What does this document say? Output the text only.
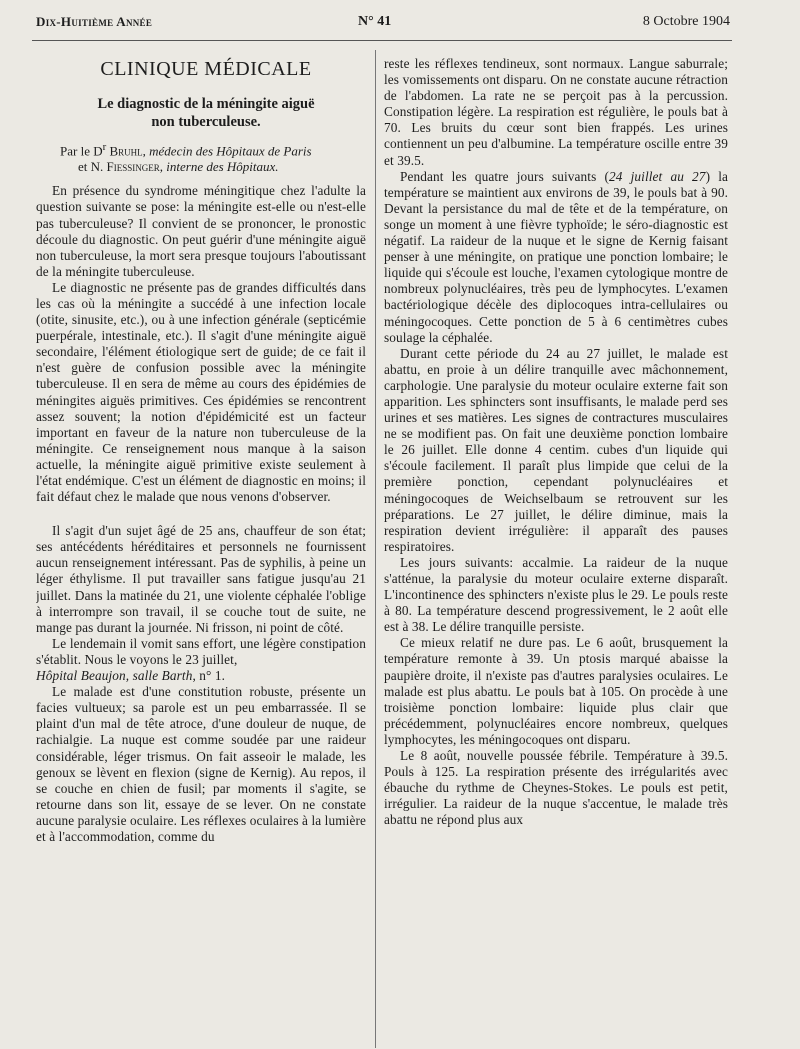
Dix-Huitième Année	N° 41	8 Octobre 1904
CLINIQUE MÉDICALE
Le diagnostic de la méningite aiguë
non tuberculeuse.
Par le $D^r$ Bruhl, médecin des Hôpitaux de Paris
et N. Fiessinger, interne des Hôpitaux.

En présence du syndrome méningitique chez l'adulte la question suivante se pose: la méningite est-elle ou n'est-elle pas tuberculeuse? Il convient de se prononcer, le pronostic découle du diagnostic. On peut guérir d'une méningite aiguë non tuberculeuse, la mort sera presque toujours l'aboutissant de la méningite tuberculeuse.

Le diagnostic ne présente pas de grandes difficultés dans les cas où la méningite a succédé à une infection locale (otite, sinusite, etc.), ou à une infection générale (septicémie puerpérale, intestinale, etc.). Il s'agit d'une méningite aiguë secondaire, l'élément étiologique sert de guide; de ce fait il n'est guère de confusion possible avec la méningite tuberculeuse. Il en sera de même au cours des épidémies de méningites aiguës primitives. Ces épidémies se rencontrent assez souvent; la notion d'épidémicité est un facteur important en faveur de la nature non tuberculeuse de la méningite. Ce renseignement nous manque à la saison actuelle, la méningite aiguë primitive existe seulement à l'état endémique. C'est un élément de diagnostic en moins; il fait défaut chez le malade que nous venons d'observer.

Il s'agit d'un sujet âgé de 25 ans, chauffeur de son état; ses antécédents héréditaires et personnels ne fournissent aucun renseignement intéressant. Pas de syphilis, à peine un léger éthylisme. Il put travailler sans fatigue jusqu'au 21 juillet. Dans la matinée du 21, une violente céphalée l'oblige à interrompre son travail, il se couche tout de suite, ne mange pas durant la journée. Ni frisson, ni point de côté.

Le lendemain il vomit sans effort, une légère constipation s'établit. Nous le voyons le 23 juillet,
Hôpital Beaujon, salle Barth, n° 1.

Le malade est d'une constitution robuste, présente un facies vultueux; sa parole est un peu embarrassée. Il se plaint d'un mal de tête atroce, d'une douleur de nuque, de rachialgie. La nuque est comme soudée par une raideur considérable, léger trismus. On fait asseoir le malade, les genoux se lèvent en flexion (signe de Kernig). Au repos, il se couche en chien de fusil; par moments il s'agite, se retourne dans son lit, essaye de se lever. On ne constate aucune paralysie oculaire. Les réflexes oculaires à la lumière et à l'accommodation, comme du

reste les réflexes tendineux, sont normaux. Langue saburrale; les vomissements ont disparu. On ne constate aucune rétraction de l'abdomen. La rate ne se perçoit pas à la percussion. Constipation légère. La respiration est régulière, le pouls bat à 70. Les bruits du cœur sont bien frappés. Les urines contiennent un peu d'albumine. La température oscille entre 39 et 39.5.

Pendant les quatre jours suivants (24 juillet au 27) la température se maintient aux environs de 39, le pouls bat à 90. Devant la persistance du mal de tête et de la température, on songe un moment à une fièvre typhoïde; le séro-diagnostic est négatif. La raideur de la nuque et le signe de Kernig faisant penser à une méningite, on pratique une ponction lombaire; le liquide qui s'écoule est louche, l'examen cytologique montre de nombreux polynucléaires, très peu de lymphocytes. L'examen bactériologique décèle des diplocoques intra-cellulaires ou méningocoques. Cette ponction de 5 à 6 centimètres cubes soulage la céphalée.

Durant cette période du 24 au 27 juillet, le malade est abattu, en proie à un délire tranquille avec mâchonnement, carphologie. Une paralysie du moteur oculaire externe fait son apparition. Les sphincters sont insuffisants, le malade perd ses urines et ses matières. Les signes de contractures musculaires ne se modifient pas. On fait une deuxième ponction lombaire le 26 juillet. Elle donne 4 centim. cubes d'un liquide qui s'écoule facilement. Il paraît plus limpide que celui de la première ponction, cependant polynucléaires et méningocoques de Weichselbaum se retrouvent sur les préparations. Le 27 juillet, le délire diminue, mais la respiration devient irrégulière: il apparaît des pauses respiratoires.

Les jours suivants: accalmie. La raideur de la nuque s'atténue, la paralysie du moteur oculaire externe disparaît. L'incontinence des sphincters n'existe plus le 29. Le pouls reste à 80. La température descend progressivement, le 2 août elle est à 38. Le délire tranquille persiste.

Ce mieux relatif ne dure pas. Le 6 août, brusquement la température remonte à 39. Un ptosis marqué abaisse la paupière droite, il n'existe pas d'autres paralysies oculaires. Le malade est plus abattu. Le pouls bat à 105. On procède à une troisième ponction lombaire: liquide plus clair que précédemment, polynucléaires encore nombreux, quelques lymphocytes, les méningocoques ont disparu.

Le 8 août, nouvelle poussée fébrile. Température à 39.5. Pouls à 125. La respiration présente des irrégularités avec ébauche du rythme de Cheynes-Stokes. Le pouls est petit, irrégulier. La raideur de la nuque s'accentue, le malade très abattu ne répond plus aux
